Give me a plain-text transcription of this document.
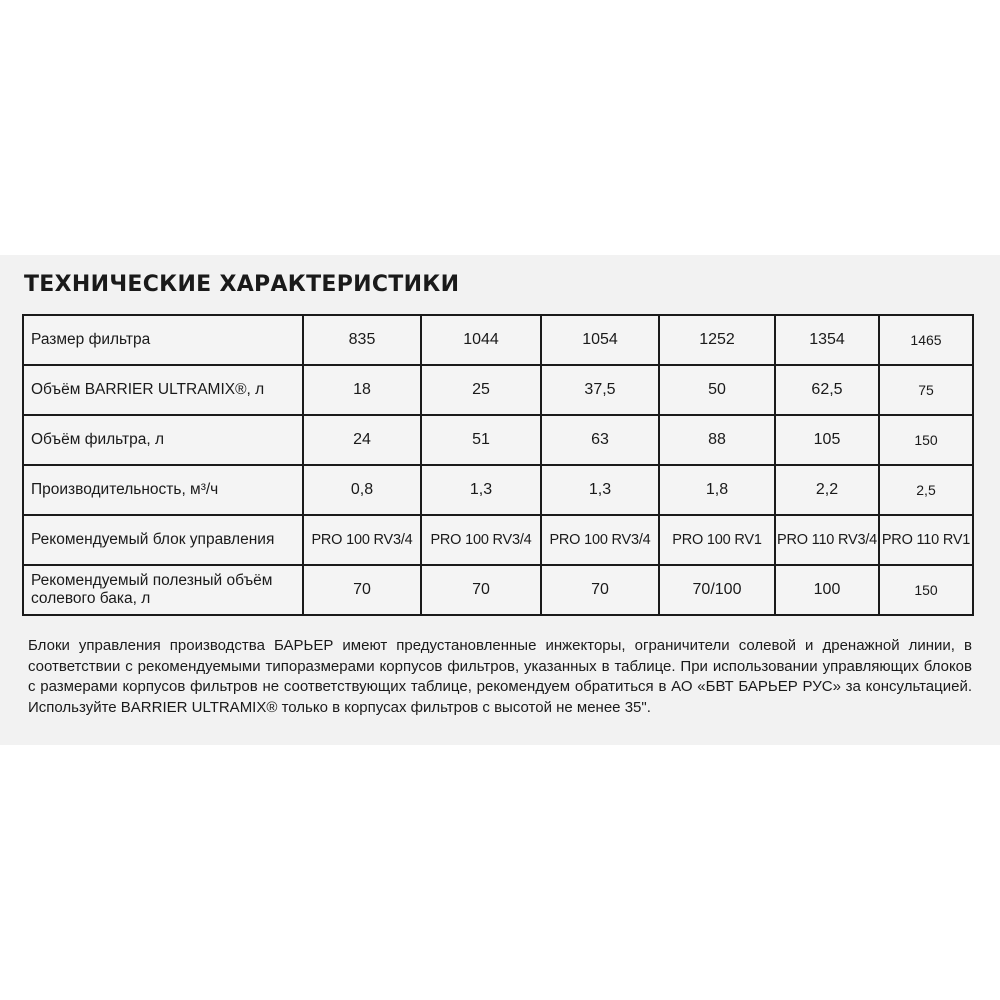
ТЕХНИЧЕСКИЕ ХАРАКТЕРИСТИКИ
Размер фильтра	835	1044	1054	1252	1354	1465
Объём BARRIER ULTRAMIX®, л	18	25	37,5	50	62,5	75
Объём фильтра, л	24	51	63	88	105	150
Производительность, м³/ч	0,8	1,3	1,3	1,8	2,2	2,5
Рекомендуемый блок управления	PRO 100 RV3/4	PRO 100 RV3/4	PRO 100 RV3/4	PRO 100 RV1	PRO 110 RV3/4	PRO 110 RV1
Рекомендуемый полезный объём солевого бака, л	70	70	70	70/100	100	150
Блоки управления производства БАРЬЕР имеют предустановленные инжекторы, ограничители солевой и дренажной линии, в соответствии с рекомендуемыми типоразмерами корпусов фильтров, указанных в таблице. При использовании управляющих блоков с размерами корпусов фильтров не соответствующих таблице, рекомендуем обратиться в АО «БВТ БАРЬЕР РУС» за консультацией. Используйте BARRIER ULTRAMIX® только в корпусах фильтров с высотой не менее 35".
